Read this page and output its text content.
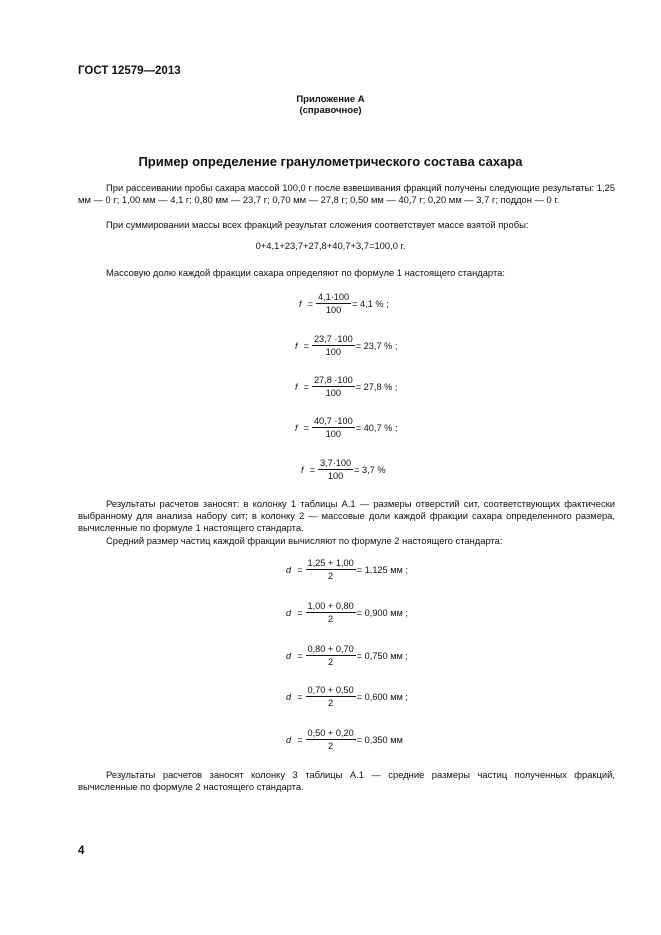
ГОСТ 12579—2013
Приложение А
(справочное)
Пример определение гранулометрического состава сахара
При рассеивании пробы сахара массой 100,0 г после взвешивания фракций получены следующие результаты: 1,25 мм — 0 г; 1,00 мм — 4,1 г; 0,80 мм — 23,7 г; 0,70 мм — 27,8 г; 0,50 мм — 40,7 г; 0,20 мм — 3,7 г; поддон — 0 г.
При суммировании массы всех фракций результат сложения соответствует массе взятой пробы:
0+4,1+23,7+27,8+40,7+3,7=100,0 г.
Массовую долю каждой фракции сахара определяют по формуле 1 настоящего стандарта:
$f = \frac{4,1\cdot 100}{100} = 4,1$ % ;
$f = \frac{23,7 \cdot 100}{100} = 23,7$ % ;
$f = \frac{27,8 \cdot 100}{100} = 27,8$ % ;
$f = \frac{40,7 \cdot 100}{100} = 40,7$ % ;
$f = \frac{3,7\cdot 100}{100} = 3,7$ %
Результаты расчетов заносят: в колонку 1 таблицы А.1 — размеры отверстий сит, соответствующих фактически выбранному для анализа набору сит; в колонку 2 — массовые доли каждой фракции сахара определенного размера, вычисленные по формуле 1 настоящего стандарта.
Средний размер частиц каждой фракции вычисляют по формуле 2 настоящего стандарта:
$d = \frac{1,25 + 1,00}{2} = 1,125$ мм ;
$d = \frac{1,00 + 0,80}{2} = 0,900$ мм ;
$d = \frac{0,80 + 0,70}{2} = 0,750$ мм ;
$d = \frac{0,70 + 0,50}{2} = 0,600$ мм ;
$d = \frac{0,50 + 0,20}{2} = 0,350$ мм
Результаты расчетов заносят колонку 3 таблицы А.1 — средние размеры частиц полученных фракций, вычисленные по формуле 2 настоящего стандарта.
4
